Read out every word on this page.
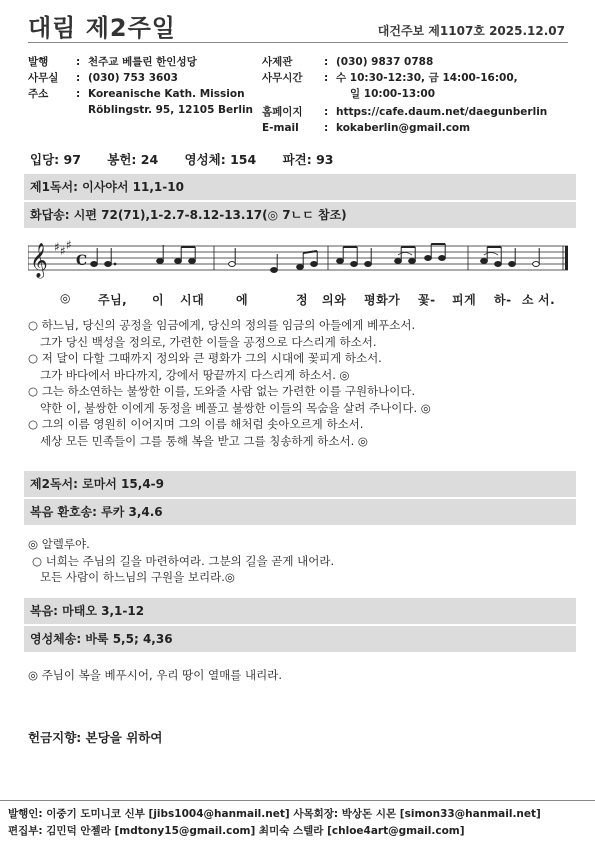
대림 제2주일	대건주보 제1107호 2025.12.07
발행	: 천주교 베를린 한인성당
사무실 : (030) 753 3603
주소	: Koreanische Kath. Mission
Röblingstr. 95, 12105 Berlin
사제관	: (030) 9837 0788
사무시간 : 수 10:30-12:30, 금 14:00-16:00,
일 10:00-13:00
홈페이지 : https://cafe.daum.net/daegunberlin
E-mail : kokaberlin@gmail.com
입당: 97 봉헌: 24 영성체: 154 파견: 93
제1독서: 이사야서 11,1-10
화답송: 시편 72(71),1-2.7-8.12-13.17(◎ 7ㄴㄷ 참조)
𝄞 ♯ ♯ ♯
C
◎ 주님, 이 시대	에	정 의와 평화가 꽃- 피게 하- 소 서.
○ 하느님, 당신의 공정을 임금에게, 당신의 정의를 임금의 아들에게 베푸소서.
그가 당신 백성을 정의로, 가련한 이들을 공정으로 다스리게 하소서.
○ 저 달이 다할 그때까지 정의와 큰 평화가 그의 시대에 꽃피게 하소서.
그가 바다에서 바다까지, 강에서 땅끝까지 다스리게 하소서. ◎
○ 그는 하소연하는 불쌍한 이를, 도와줄 사람 없는 가련한 이를 구원하나이다.
약한 이, 불쌍한 이에게 동정을 베풀고 불쌍한 이들의 목숨을 살려 주나이다. ◎
○ 그의 이름 영원히 이어지며 그의 이름 해처럼 솟아오르게 하소서.
세상 모든 민족들이 그를 통해 복을 받고 그를 칭송하게 하소서. ◎
제2독서: 로마서 15,4-9
복음 환호송: 루카 3,4.6
◎ 알렐루야.
○ 너희는 주님의 길을 마련하여라. 그분의 길을 곧게 내어라.
모든 사람이 하느님의 구원을 보리라.◎
복음: 마태오 3,1-12
영성체송: 바룩 5,5; 4,36
◎ 주님이 복을 베푸시어, 우리 땅이 열매를 내리라.
헌금지향: 본당을 위하여
발행인: 이중기 도미니코 신부 [jibs1004@hanmail.net] 사목회장: 박상돈 시몬 [simon33@hanmail.net]
편집부: 김민덕 안젤라 [mdtony15@gmail.com] 최미숙 스텔라 [chloe4art@gmail.com]
